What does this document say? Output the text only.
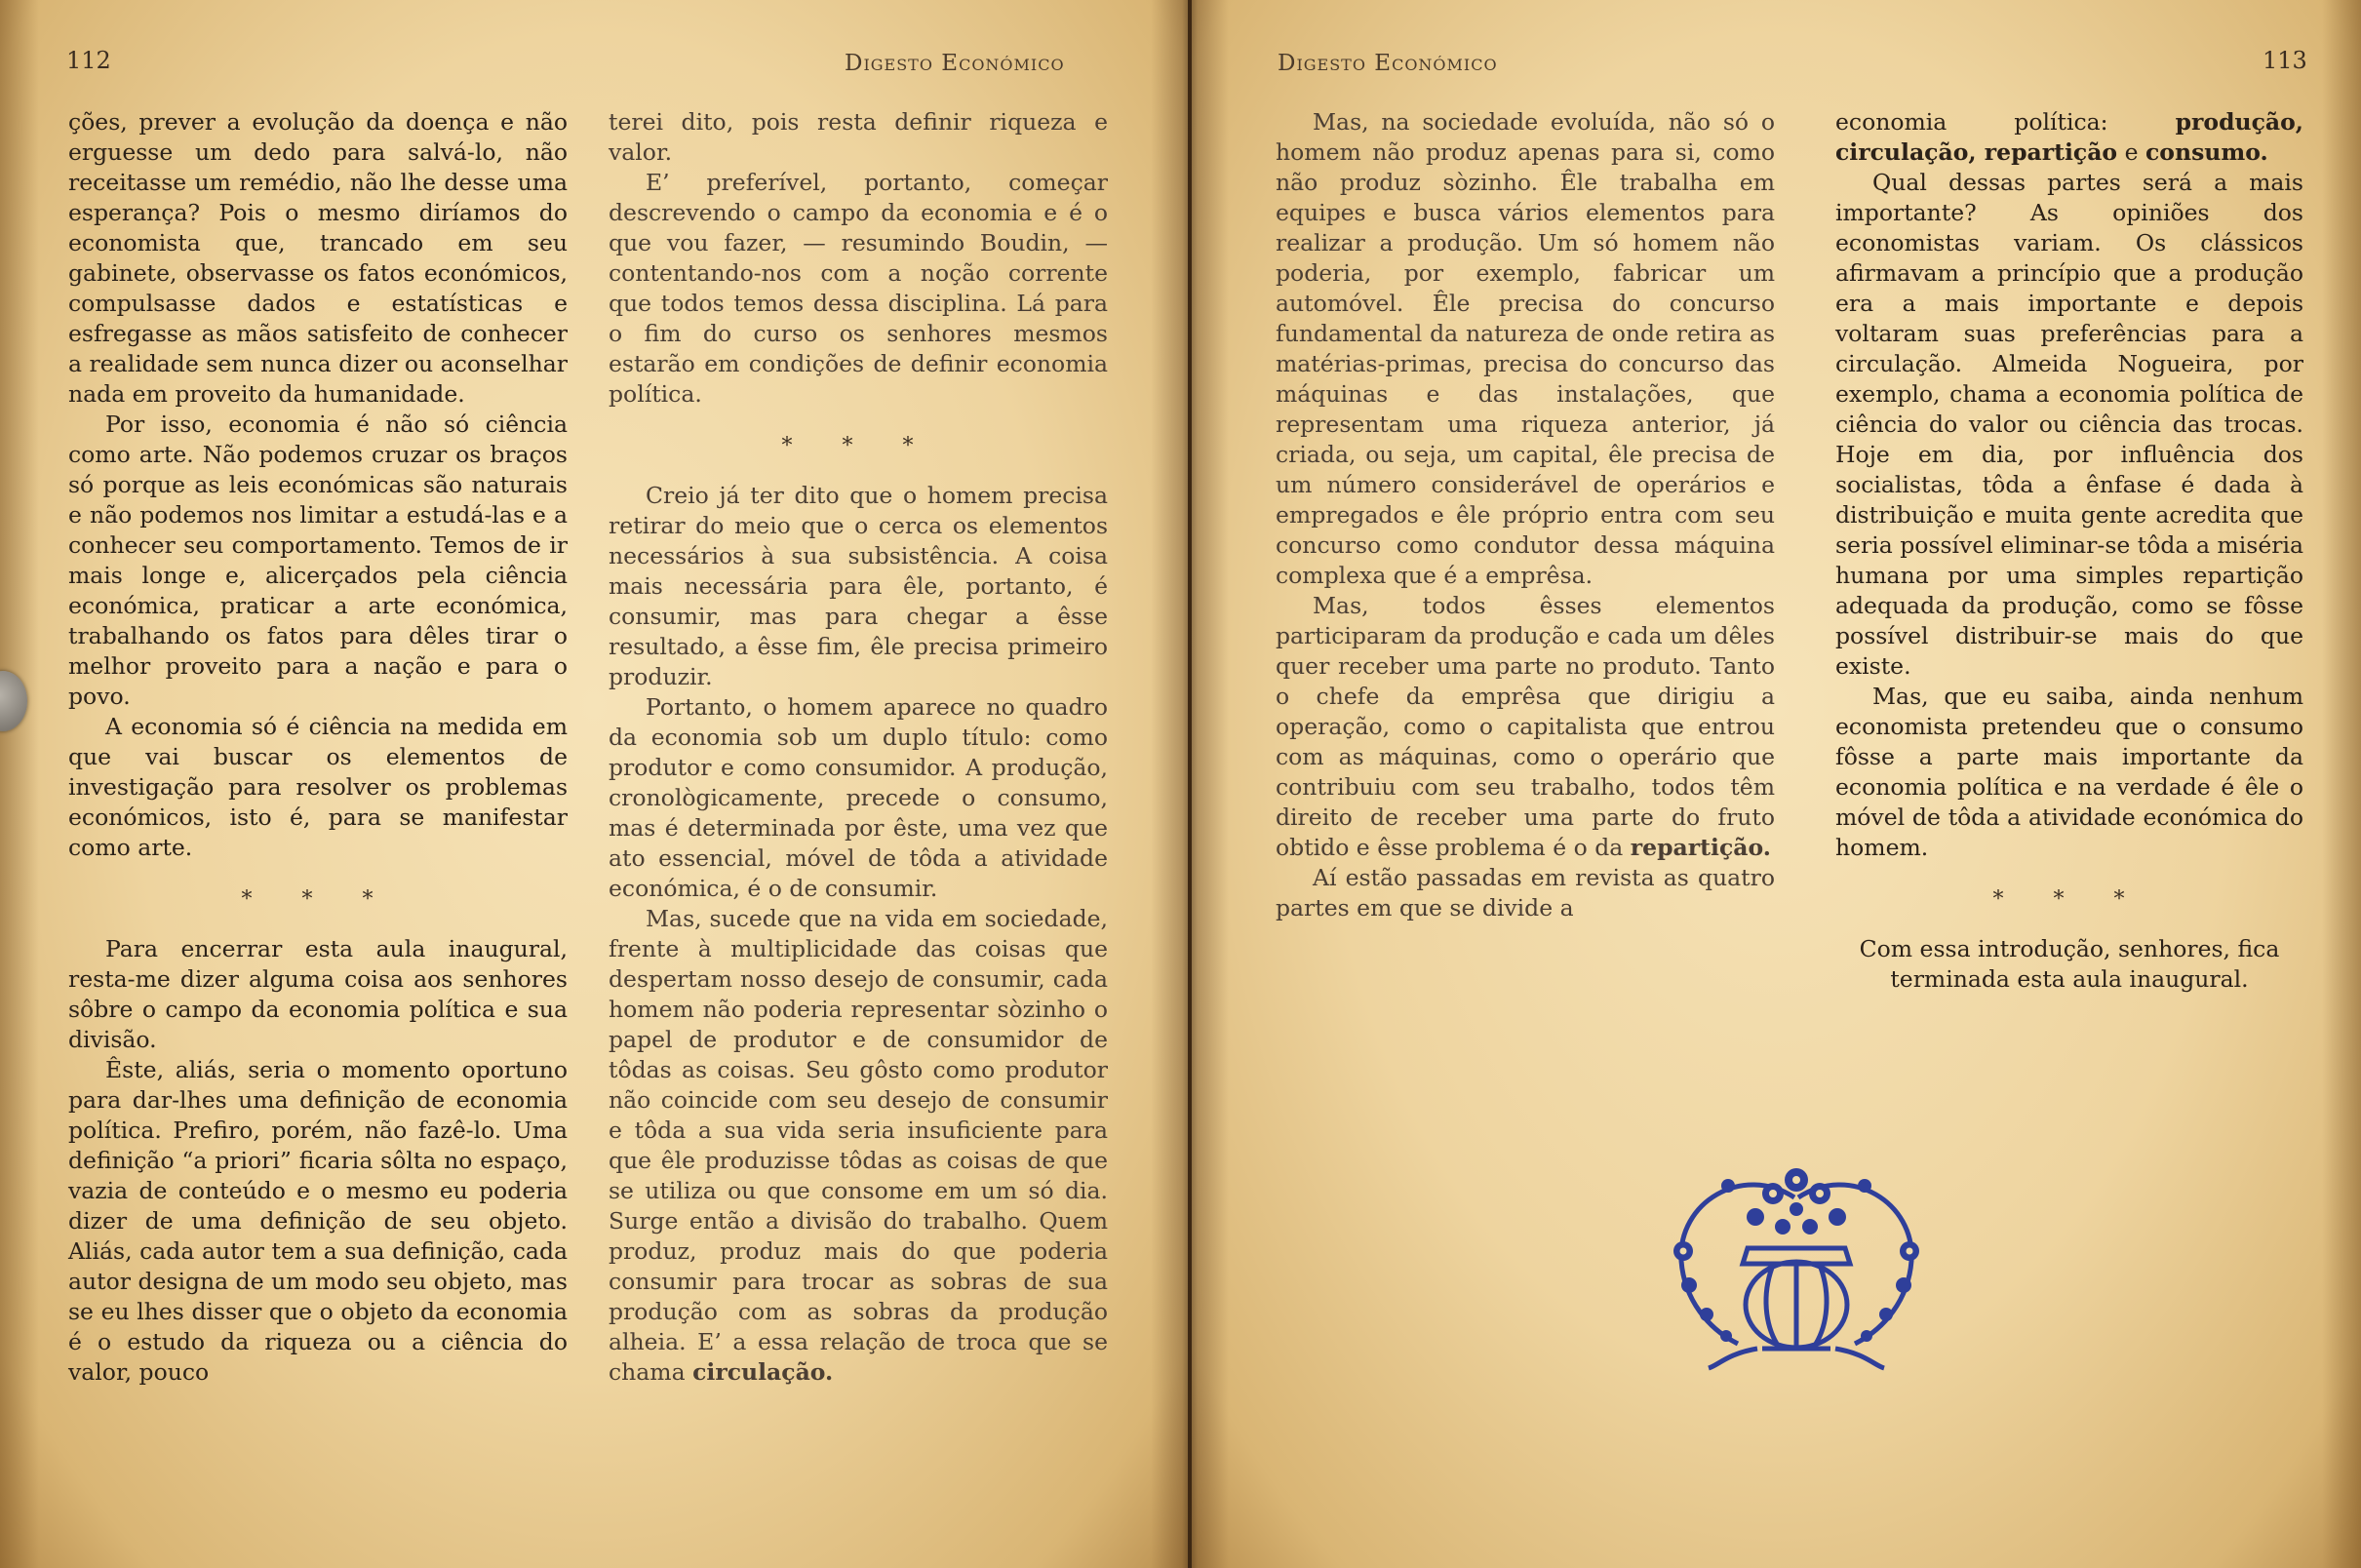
112	Digesto Económico

ções, prever a evolução da doença e não erguesse um dedo para salvá-lo, não receitasse um remédio, não lhe desse uma esperança? Pois o mesmo diríamos do economista que, trancado em seu gabinete, observasse os fatos económicos, compulsasse dados e estatísticas e esfregasse as mãos satisfeito de conhecer a realidade sem nunca dizer ou aconselhar nada em proveito da humanidade.

Por isso, economia é não só ciência como arte. Não podemos cruzar os braços só porque as leis económicas são naturais e não podemos nos limitar a estudá-las e a conhecer seu comportamento. Temos de ir mais longe e, alicerçados pela ciência económica, praticar a arte económica, trabalhando os fatos para dêles tirar o melhor proveito para a nação e para o povo.

A economia só é ciência na medida em que vai buscar os elementos de investigação para resolver os problemas económicos, isto é, para se manifestar como arte.

* * *

Para encerrar esta aula inaugural, resta-me dizer alguma coisa aos senhores sôbre o campo da economia política e sua divisão.

Êste, aliás, seria o momento oportuno para dar-lhes uma definição de economia política. Prefiro, porém, não fazê-lo. Uma definição “a priori” ficaria sôlta no espaço, vazia de conteúdo e o mesmo eu poderia dizer de uma definição de seu objeto. Aliás, cada autor tem a sua definição, cada autor designa de um modo seu objeto, mas se eu lhes disser que o objeto da economia é o estudo da riqueza ou a ciência do valor, pouco

terei dito, pois resta definir riqueza e valor.

E’ preferível, portanto, começar descrevendo o campo da economia e é o que vou fazer, — resumindo Boudin, — contentando-nos com a noção corrente que todos temos dessa disciplina. Lá para o fim do curso os senhores mesmos estarão em condições de definir economia política.

* * *

Creio já ter dito que o homem precisa retirar do meio que o cerca os elementos necessários à sua subsistência. A coisa mais necessária para êle, portanto, é consumir, mas para chegar a êsse resultado, a êsse fim, êle precisa primeiro produzir.

Portanto, o homem aparece no quadro da economia sob um duplo título: como produtor e como consumidor. A produção, cronològicamente, precede o consumo, mas é determinada por êste, uma vez que ato essencial, móvel de tôda a atividade económica, é o de consumir.

Mas, sucede que na vida em sociedade, frente à multiplicidade das coisas que despertam nosso desejo de consumir, cada homem não poderia representar sòzinho o papel de produtor e de consumidor de tôdas as coisas. Seu gôsto como produtor não coincide com seu desejo de consumir e tôda a sua vida seria insuficiente para que êle produzisse tôdas as coisas de que se utiliza ou que consome em um só dia. Surge então a divisão do trabalho. Quem produz, produz mais do que poderia consumir para trocar as sobras de sua produção com as sobras da produção alheia. E’ a essa relação de troca que se chama circulação.

Digesto Económico	113

Mas, na sociedade evoluída, não só o homem não produz apenas para si, como não produz sòzinho. Êle trabalha em equipes e busca vários elementos para realizar a produção. Um só homem não poderia, por exemplo, fabricar um automóvel. Êle precisa do concurso fundamental da natureza de onde retira as matérias-primas, precisa do concurso das máquinas e das instalações, que representam uma riqueza anterior, já criada, ou seja, um capital, êle precisa de um número considerável de operários e empregados e êle próprio entra com seu concurso como condutor dessa máquina complexa que é a emprêsa.

Mas, todos êsses elementos participaram da produção e cada um dêles quer receber uma parte no produto. Tanto o chefe da emprêsa que dirigiu a operação, como o capitalista que entrou com as máquinas, como o operário que contribuiu com seu trabalho, todos têm direito de receber uma parte do fruto obtido e êsse problema é o da repartição.

Aí estão passadas em revista as quatro partes em que se divide a

economia política:	produção, circulação, repartição e consumo.

Qual dessas partes será a mais importante? As opiniões dos economistas variam. Os clássicos afirmavam a princípio que a produção era a mais importante e depois voltaram suas preferências para a circulação. Almeida Nogueira, por exemplo, chama a economia política de ciência do valor ou ciência das trocas. Hoje em dia, por influência dos socialistas, tôda a ênfase é dada à distribuição e muita gente acredita que seria possível eliminar-se tôda a miséria humana por uma simples repartição adequada da produção, como se fôsse possível distribuir-se mais do que existe.

Mas, que eu saiba, ainda nenhum economista pretendeu que o consumo fôsse a parte mais importante da economia política e na verdade é êle o móvel de tôda a atividade económica do homem.

* * *

Com essa introdução, senhores, fica terminada esta aula inaugural.
